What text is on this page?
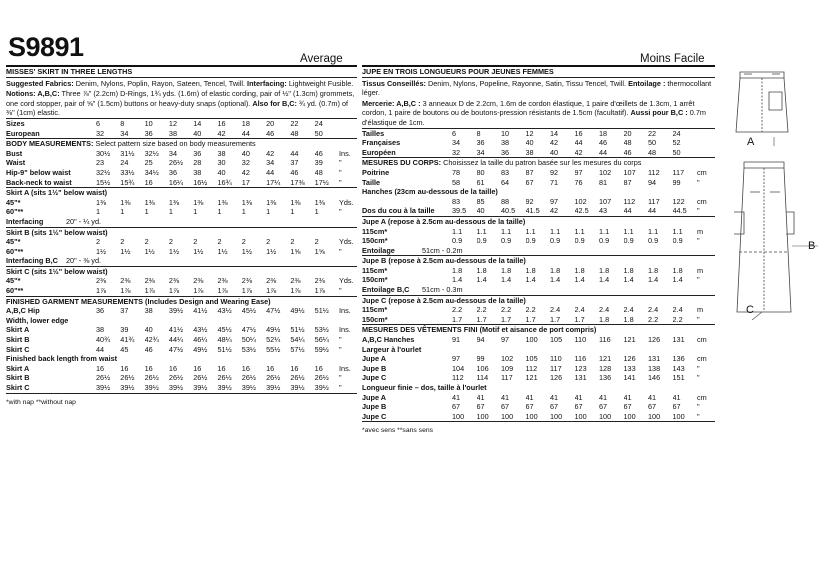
S9891	Average	Moins Facile
MISSES' SKIRT IN THREE LENGTHS
Suggested Fabrics: Denim, Nylons, Poplin, Rayon, Sateen, Tencel, Twill. Interfacing: Lightweight Fusible.
Notions: A,B,C: Three ⅞" (2.2cm) D-Rings, 1¾ yds. (1.6m) of elastic cording, pair of ½" (1.3cm) grommets, one cord stopper, pair of ⅝" (1.5cm) buttons or heavy-duty snaps (optional). Also for B,C: ¾ yd. (0.7m) of ⅜" (1cm) elastic.
Sizes	6	8	10	12	14	16	18	20	22	24	
European	32	34	36	38	40	42	44	46	48	50	
BODY MEASUREMENTS: Select pattern size based on body measurements
Bust	30½	31½	32½	34	36	38	40	42	44	46	Ins.
Waist	23	24	25	26½	28	30	32	34	37	39	"
Hip-9" below waist	32½	33½	34½	36	38	40	42	44	46	48	"
Back-neck to waist	15½	15¾	16	16¼	16½	16¾	17	17¼	17⅜	17½	"
Skirt A (sits 1½" below waist)
45"*	1⅜	1⅜	1⅜	1⅜	1⅜	1⅜	1⅜	1⅜	1⅜	1⅜	Yds.
60"**	1	1	1	1	1	1	1	1	1	1	"
Interfacing	20" - ¼ yd.
Skirt B (sits 1½" below waist)
45"*	2	2	2	2	2	2	2	2	2	2	Yds.
60"**	1½	1½	1½	1½	1½	1½	1½	1½	1⅝	1⅝	"
Interfacing B,C	20" - ⅜ yd.
Skirt C (sits 1½" below waist)
45"*	2⅜	2⅜	2⅜	2⅜	2⅜	2⅜	2⅜	2⅜	2⅜	2⅜	Yds.
60"**	1⅞	1⅞	1⅞	1⅞	1⅞	1⅞	1⅞	1⅞	1⅞	1⅞	"
FINISHED GARMENT MEASUREMENTS (Includes Design and Wearing Ease)
A,B,C Hip	36	37	38	39½	41½	43½	45½	47½	49½	51½	Ins.
Width, lower edge
Skirt A	38	39	40	41½	43½	45½	47½	49½	51½	53½	Ins.
Skirt B	40¾	41¾	42¾	44¼	46¼	48¼	50¼	52¼	54¼	56¼	"
Skirt C	44	45	46	47½	49½	51½	53½	55½	57½	59½	"
Finished back length from waist
Skirt A	16	16	16	16	16	16	16	16	16	16	Ins.
Skirt B	26½	26½	26½	26½	26½	26½	26½	26½	26½	26½	"
Skirt C	39½	39½	39½	39½	39½	39½	39½	39½	39½	39½	"
*with nap **without nap
JUPE EN TROIS LONGUEURS POUR JEUNES FEMMES
Tissus Conseillés: Denim, Nylons, Popeline, Rayonne, Satin, Tissu Tencel, Twill. Entoilage : thermocollant léger.
Mercerie: A,B,C : 3 anneaux D de 2.2cm, 1.6m de cordon élastique, 1 paire d'œillets de 1.3cm, 1 arrêt cordon, 1 paire de boutons ou de boutons-pression résistants de 1.5cm (facultatif). Aussi pour B,C : 0.7m d'élastique de 1cm.
Tailles	6	8	10	12	14	16	18	20	22	24	
Françaises	34	36	38	40	42	44	46	48	50	52	
Européen	32	34	36	38	40	42	44	46	48	50	
MESURES DU CORPS: Choisissez la taille du patron basée sur les mesures du corps
Poitrine	78	80	83	87	92	97	102	107	112	117	cm
Taille	58	61	64	67	71	76	81	87	94	99	"
Hanches (23cm au-dessous de la taille)
	83	85	88	92	97	102	107	112	117	122	cm
Dos du cou à la taille	39.5	40	40.5	41.5	42	42.5	43	44	44	44.5	"
Jupe A (repose à 2.5cm au-dessous de la taille)
115cm*	1.1	1.1	1.1	1.1	1.1	1.1	1.1	1.1	1.1	1.1	m
150cm*	0.9	0.9	0.9	0.9	0.9	0.9	0.9	0.9	0.9	0.9	"
Entoilage	51cm - 0.2m
Jupe B (repose à 2.5cm au-dessous de la taille)
115cm*	1.8	1.8	1.8	1.8	1.8	1.8	1.8	1.8	1.8	1.8	m
150cm*	1.4	1.4	1.4	1.4	1.4	1.4	1.4	1.4	1.4	1.4	"
Entoilage B,C	51cm - 0.3m
Jupe C (repose à 2.5cm au-dessous de la taille)
115cm*	2.2	2.2	2.2	2.2	2.4	2.4	2.4	2.4	2.4	2.4	m
150cm*	1.7	1.7	1.7	1.7	1.7	1.7	1.8	1.8	2.2	2.2	"
MESURES DES VÊTEMENTS FINI (Motif et aisance de port compris)
A,B,C Hanches	91	94	97	100	105	110	116	121	126	131	cm
Largeur à l'ourlet
Jupe A	97	99	102	105	110	116	121	126	131	136	cm
Jupe B	104	106	109	112	117	123	128	133	138	143	"
Jupe C	112	114	117	121	126	131	136	141	146	151	"
Longueur finie – dos, taille à l'ourlet
Jupe A	41	41	41	41	41	41	41	41	41	41	cm
Jupe B	67	67	67	67	67	67	67	67	67	67	"
Jupe C	100	100	100	100	100	100	100	100	100	100	"
*avec sens **sans sens
A
B
C
